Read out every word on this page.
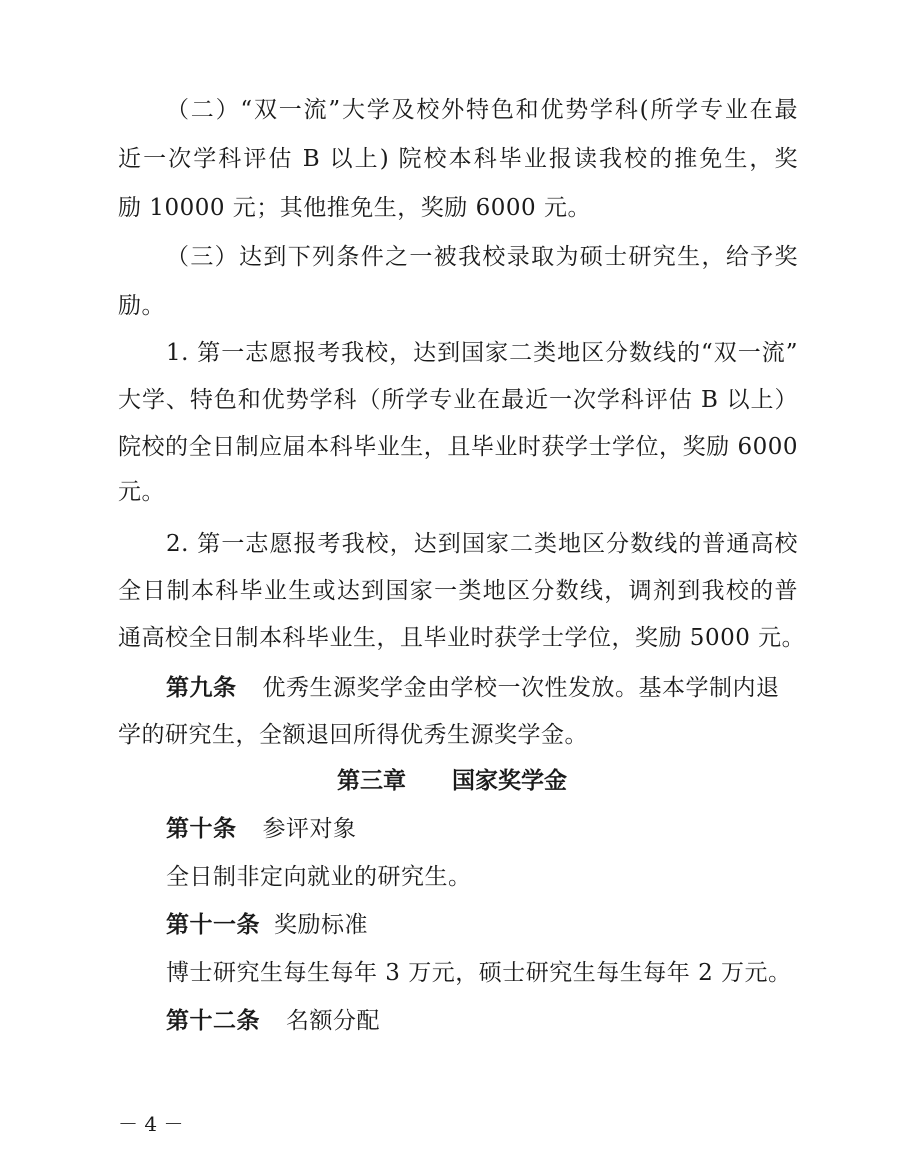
（二）“双一流”大学及校外特色和优势学科(所学专业在最
近一次学科评估 B 以上) 院校本科毕业报读我校的推免生，奖
励 10000 元；其他推免生，奖励 6000 元。
（三）达到下列条件之一被我校录取为硕士研究生，给予奖
励。
1. 第一志愿报考我校，达到国家二类地区分数线的“双一流”
大学、特色和优势学科（所学专业在最近一次学科评估 B 以上）
院校的全日制应届本科毕业生，且毕业时获学士学位，奖励 6000
元。
2. 第一志愿报考我校，达到国家二类地区分数线的普通高校
全日制本科毕业生或达到国家一类地区分数线，调剂到我校的普
通高校全日制本科毕业生，且毕业时获学士学位，奖励 5000 元。
第九条 优秀生源奖学金由学校一次性发放。基本学制内退
学的研究生，全额退回所得优秀生源奖学金。
第三章　　国家奖学金
第十条 参评对象
全日制非定向就业的研究生。
第十一条 奖励标准
博士研究生每生每年 3 万元，硕士研究生每生每年 2 万元。
第十二条 名额分配
－ 4 －
